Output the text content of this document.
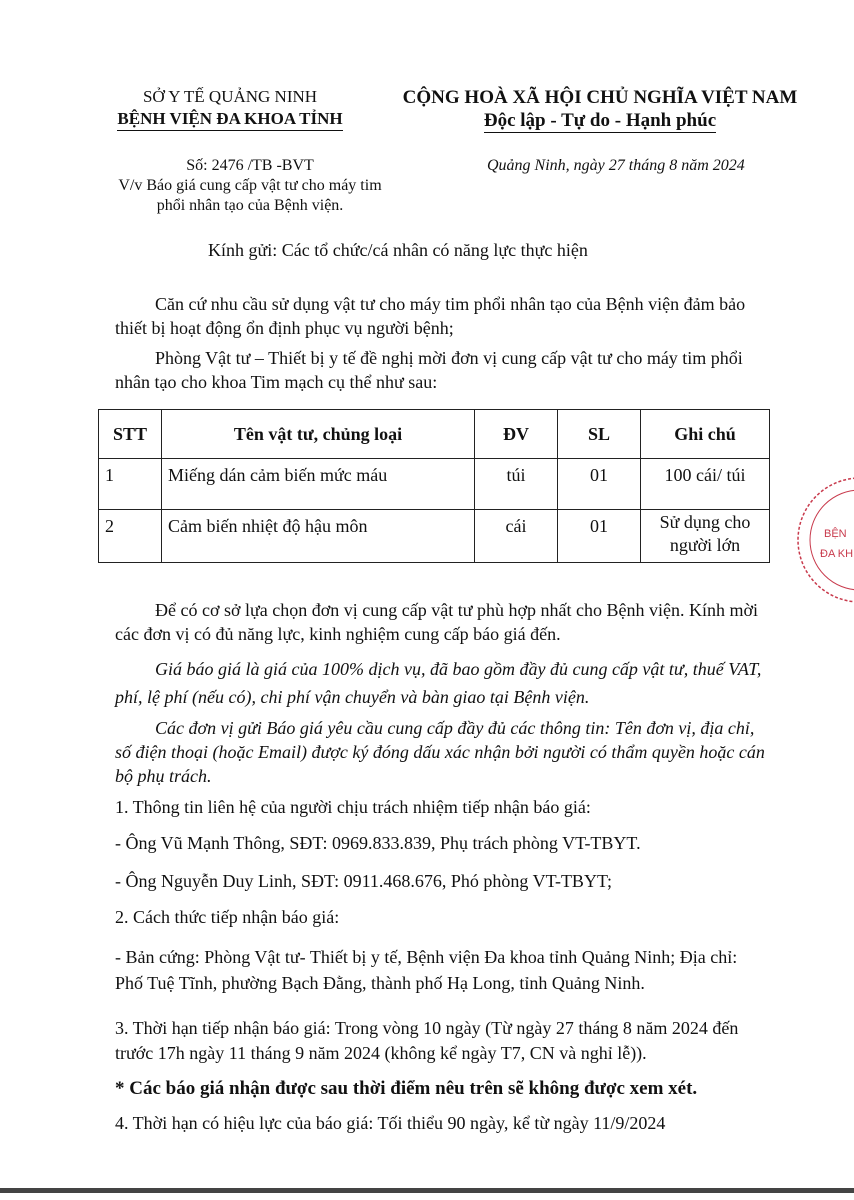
SỞ Y TẾ QUẢNG NINH
BỆNH VIỆN ĐA KHOA TỈNH
CỘNG HOÀ XÃ HỘI CHỦ NGHĨA VIỆT NAM
Độc lập - Tự do - Hạnh phúc
Số: 2476 /TB -BVT
V/v Báo giá cung cấp vật tư cho máy tim
phổi nhân tạo của Bệnh viện.
Quảng Ninh, ngày 27 tháng 8 năm 2024
Kính gửi: Các tổ chức/cá nhân có năng lực thực hiện
Căn cứ nhu cầu sử dụng vật tư cho máy tim phổi nhân tạo của Bệnh viện đảm bảo thiết bị hoạt động ổn định phục vụ người bệnh;
Phòng Vật tư – Thiết bị y tế đề nghị mời đơn vị cung cấp vật tư cho máy tim phổi nhân tạo cho khoa Tim mạch cụ thể như sau:
STT	Tên vật tư, chủng loại	ĐV	SL	Ghi chú
1	Miếng dán cảm biến mức máu	túi	01	100 cái/ túi
2	Cảm biến nhiệt độ hậu môn	cái	01	Sử dụng cho người lớn
Để có cơ sở lựa chọn đơn vị cung cấp vật tư phù hợp nhất cho Bệnh viện. Kính mời các đơn vị có đủ năng lực, kinh nghiệm cung cấp báo giá đến.
Giá báo giá là giá của 100% dịch vụ, đã bao gồm đầy đủ cung cấp vật tư, thuế VAT, phí, lệ phí (nếu có), chi phí vận chuyển và bàn giao tại Bệnh viện.
Các đơn vị gửi Báo giá yêu cầu cung cấp đầy đủ các thông tin: Tên đơn vị, địa chỉ, số điện thoại (hoặc Email) được ký đóng dấu xác nhận bởi người có thẩm quyền hoặc cán bộ phụ trách.
1. Thông tin liên hệ của người chịu trách nhiệm tiếp nhận báo giá:
- Ông Vũ Mạnh Thông, SĐT: 0969.833.839, Phụ trách phòng VT-TBYT.
- Ông Nguyễn Duy Linh, SĐT: 0911.468.676, Phó phòng VT-TBYT;
2. Cách thức tiếp nhận báo giá:
- Bản cứng: Phòng Vật tư- Thiết bị y tế, Bệnh viện Đa khoa tỉnh Quảng Ninh; Địa chỉ: Phố Tuệ Tĩnh, phường Bạch Đằng, thành phố Hạ Long, tỉnh Quảng Ninh.
3. Thời hạn tiếp nhận báo giá: Trong vòng 10 ngày (Từ ngày 27 tháng 8 năm 2024 đến trước 17h ngày 11 tháng 9 năm 2024 (không kể ngày T7, CN và nghỉ lễ)).
* Các báo giá nhận được sau thời điểm nêu trên sẽ không được xem xét.
4. Thời hạn có hiệu lực của báo giá: Tối thiểu 90 ngày, kể từ ngày 11/9/2024
BỆN
ĐA KH
